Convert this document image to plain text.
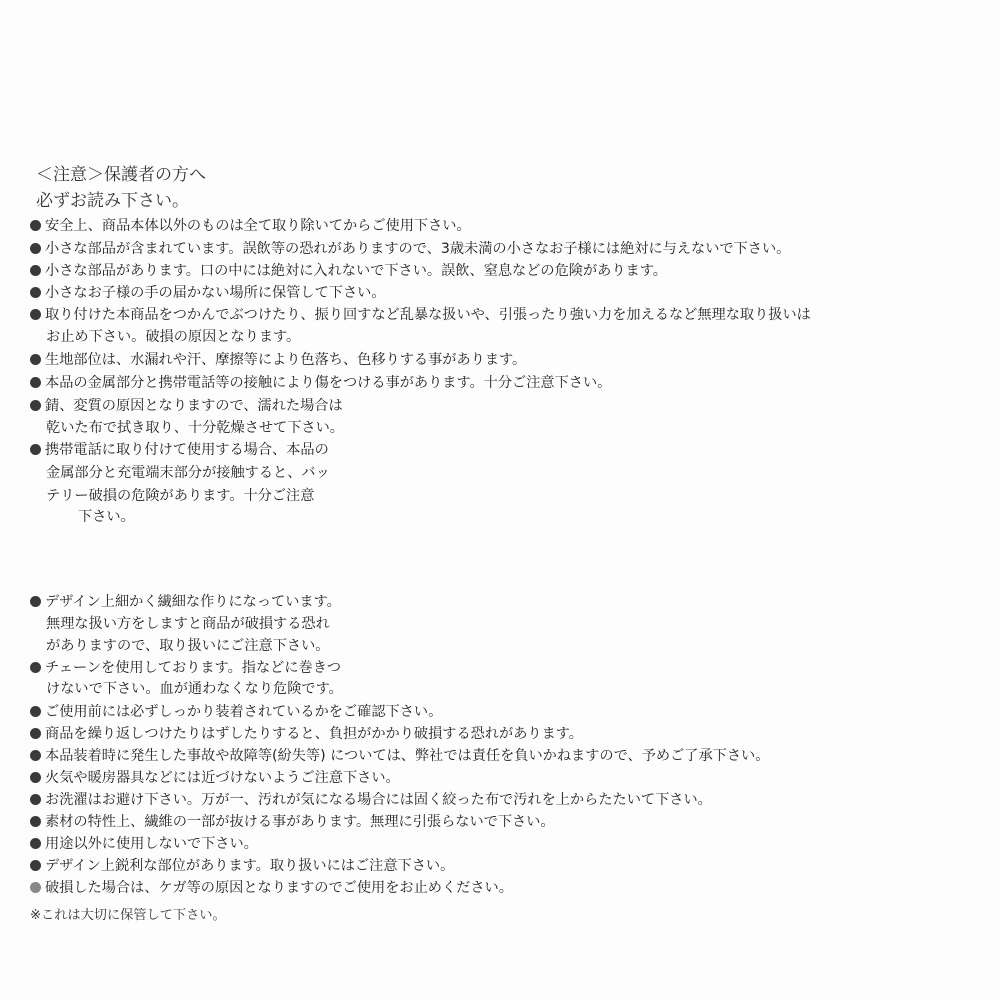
＜注意＞保護者の方へ
必ずお読み下さい。
安全上、商品本体以外のものは全て取り除いてからご使用下さい。
小さな部品が含まれています。誤飲等の恐れがありますので、3歳未満の小さなお子様には絶対に与えないで下さい。
小さな部品があります。口の中には絶対に入れないで下さい。誤飲、窒息などの危険があります。
小さなお子様の手の届かない場所に保管して下さい。
取り付けた本商品をつかんでぶつけたり、振り回すなど乱暴な扱いや、引張ったり強い力を加えるなど無理な取り扱いは
お止め下さい。破損の原因となります。
生地部位は、水漏れや汗、摩擦等により色落ち、色移りする事があります。
本品の金属部分と携帯電話等の接触により傷をつける事があります。十分ご注意下さい。
錆、変質の原因となりますので、濡れた場合は
乾いた布で拭き取り、十分乾燥させて下さい。
携帯電話に取り付けて使用する場合、本品の
金属部分と充電端末部分が接触すると、バッ
テリー破損の危険があります。十分ご注意
下さい。
デザイン上細かく繊細な作りになっています。
無理な扱い方をしますと商品が破損する恐れ
がありますので、取り扱いにご注意下さい。
チェーンを使用しております。指などに巻きつ
けないで下さい。血が通わなくなり危険です。
ご使用前には必ずしっかり装着されているかをご確認下さい。
商品を繰り返しつけたりはずしたりすると、負担がかかり破損する恐れがあります。
本品装着時に発生した事故や故障等(紛失等) については、弊社では責任を負いかねますので、予めご了承下さい。
火気や暖房器具などには近づけないようご注意下さい。
お洗濯はお避け下さい。万が一、汚れが気になる場合には固く絞った布で汚れを上からたたいて下さい。
素材の特性上、繊維の一部が抜ける事があります。無理に引張らないで下さい。
用途以外に使用しないで下さい。
デザイン上鋭利な部位があります。取り扱いにはご注意下さい。
破損した場合は、ケガ等の原因となりますのでご使用をお止めください。
※これは大切に保管して下さい。
